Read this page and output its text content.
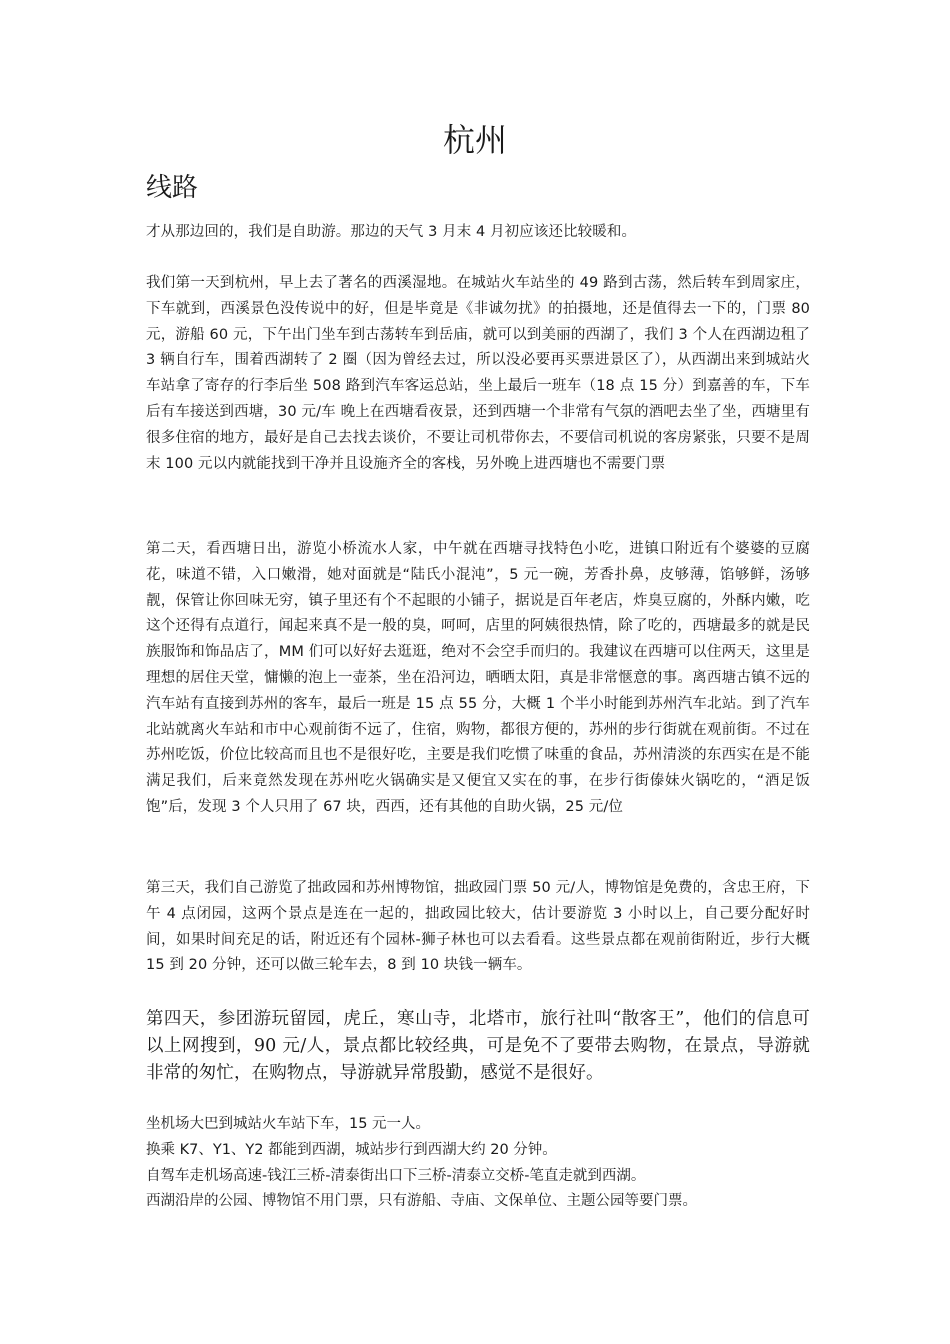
杭州
线路

才从那边回的，我们是自助游。那边的天气 3 月末 4 月初应该还比较暖和。

我们第一天到杭州，早上去了著名的西溪湿地。在城站火车站坐的 49 路到古荡，然后转车到周家庄，下车就到，西溪景色没传说中的好，但是毕竟是《非诚勿扰》的拍摄地，还是值得去一下的，门票 80 元，游船 60 元，下午出门坐车到古荡转车到岳庙，就可以到美丽的西湖了，我们 3 个人在西湖边租了 3 辆自行车，围着西湖转了 2 圈（因为曾经去过，所以没必要再买票进景区了），从西湖出来到城站火车站拿了寄存的行李后坐 508 路到汽车客运总站，坐上最后一班车（18 点 15 分）到嘉善的车，下车后有车接送到西塘，30 元/车 晚上在西塘看夜景，还到西塘一个非常有气氛的酒吧去坐了坐，西塘里有很多住宿的地方，最好是自己去找去谈价，不要让司机带你去，不要信司机说的客房紧张，只要不是周末 100 元以内就能找到干净并且设施齐全的客栈，另外晚上进西塘也不需要门票

第二天，看西塘日出，游览小桥流水人家，中午就在西塘寻找特色小吃，进镇口附近有个婆婆的豆腐花，味道不错，入口嫩滑，她对面就是“陆氏小混沌”，5 元一碗，芳香扑鼻，皮够薄，馅够鲜，汤够靓，保管让你回味无穷，镇子里还有个不起眼的小铺子，据说是百年老店，炸臭豆腐的，外酥内嫩，吃这个还得有点道行，闻起来真不是一般的臭，呵呵，店里的阿姨很热情，除了吃的，西塘最多的就是民族服饰和饰品店了，MM 们可以好好去逛逛，绝对不会空手而归的。我建议在西塘可以住两天，这里是理想的居住天堂，慵懒的泡上一壶茶，坐在沿河边，晒晒太阳，真是非常惬意的事。离西塘古镇不远的汽车站有直接到苏州的客车，最后一班是 15 点 55 分，大概 1 个半小时能到苏州汽车北站。到了汽车北站就离火车站和市中心观前街不远了，住宿，购物，都很方便的，苏州的步行街就在观前街。不过在苏州吃饭，价位比较高而且也不是很好吃，主要是我们吃惯了味重的食品，苏州清淡的东西实在是不能满足我们，后来竟然发现在苏州吃火锅确实是又便宜又实在的事，在步行街傣妹火锅吃的，“酒足饭饱”后，发现 3 个人只用了 67 块，西西，还有其他的自助火锅，25 元/位

第三天，我们自己游览了拙政园和苏州博物馆，拙政园门票 50 元/人，博物馆是免费的，含忠王府，下午 4 点闭园，这两个景点是连在一起的，拙政园比较大，估计要游览 3 小时以上，自己要分配好时间，如果时间充足的话，附近还有个园林-狮子林也可以去看看。这些景点都在观前街附近，步行大概 15 到 20 分钟，还可以做三轮车去，8 到 10 块钱一辆车。

第四天，参团游玩留园，虎丘，寒山寺，北塔市，旅行社叫“散客王”，他们的信息可以上网搜到，90 元/人，景点都比较经典，可是免不了要带去购物，在景点，导游就非常的匆忙，在购物点，导游就异常殷勤，感觉不是很好。

坐机场大巴到城站火车站下车，15 元一人。
换乘 K7、Y1、Y2 都能到西湖，城站步行到西湖大约 20 分钟。
自驾车走机场高速-钱江三桥-清泰街出口下三桥-清泰立交桥-笔直走就到西湖。
西湖沿岸的公园、博物馆不用门票，只有游船、寺庙、文保单位、主题公园等要门票。
